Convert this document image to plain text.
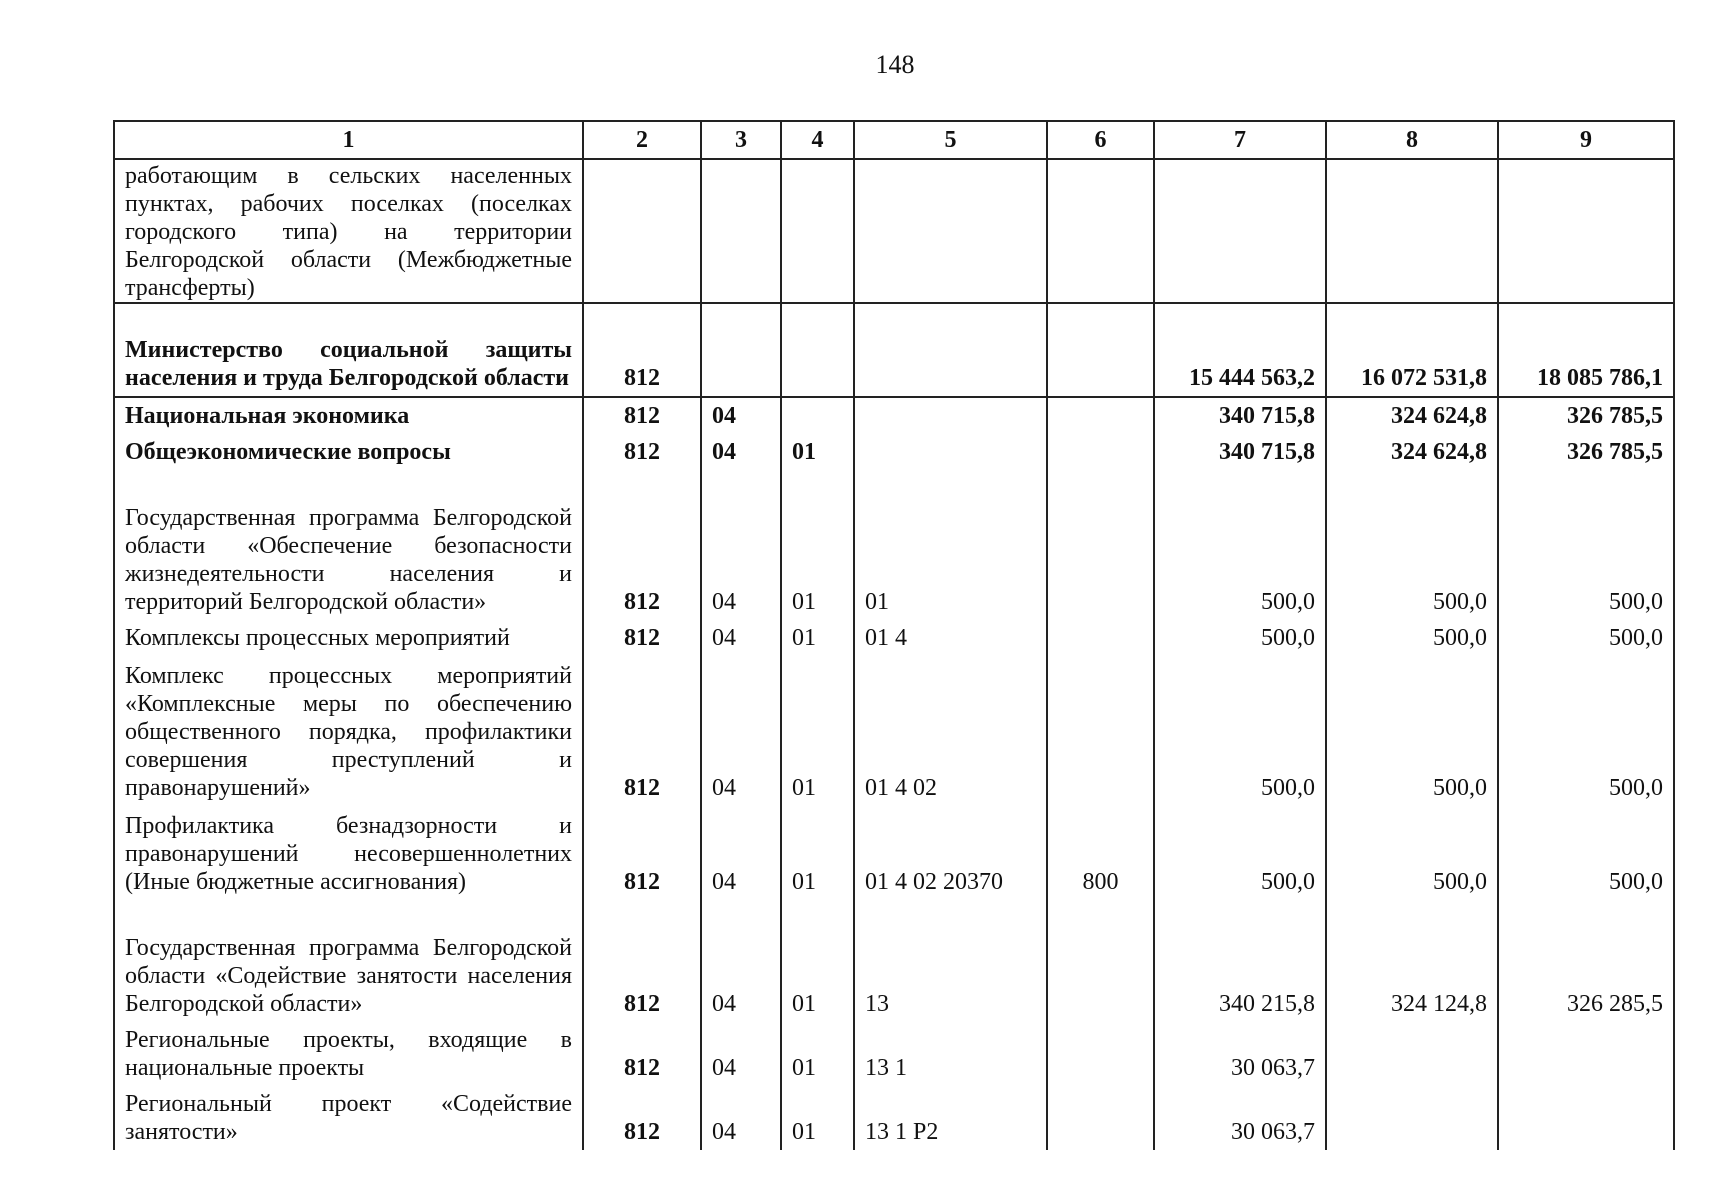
148
1	2	3	4	5	6	7	8	9
работающим в сельских населенных пунктах, рабочих поселках (поселках городского типа) на территории Белгородской области (Межбюджетные трансферты)								
Министерство социальной защиты населения и труда Белгородской области	812					15 444 563,2	16 072 531,8	18 085 786,1
Национальная экономика	812	04				340 715,8	324 624,8	326 785,5
Общеэкономические вопросы	812	04	01			340 715,8	324 624,8	326 785,5
Государственная программа Белгородской области «Обеспечение безопасности жизнедеятельности населения и территорий Белгородской области»	812	04	01	01		500,0	500,0	500,0
Комплексы процессных мероприятий	812	04	01	01 4		500,0	500,0	500,0
Комплекс процессных мероприятий «Комплексные меры по обеспечению общественного порядка, профилактики совершения преступлений и правонарушений»	812	04	01	01 4 02		500,0	500,0	500,0
Профилактика безнадзорности и правонарушений несовершеннолетних (Иные бюджетные ассигнования)	812	04	01	01 4 02 20370	800	500,0	500,0	500,0
Государственная программа Белгородской области «Содействие занятости населения Белгородской области»	812	04	01	13		340 215,8	324 124,8	326 285,5
Региональные проекты, входящие в национальные проекты	812	04	01	13 1		30 063,7		
Региональный проект «Содействие занятости»	812	04	01	13 1 Р2		30 063,7		
